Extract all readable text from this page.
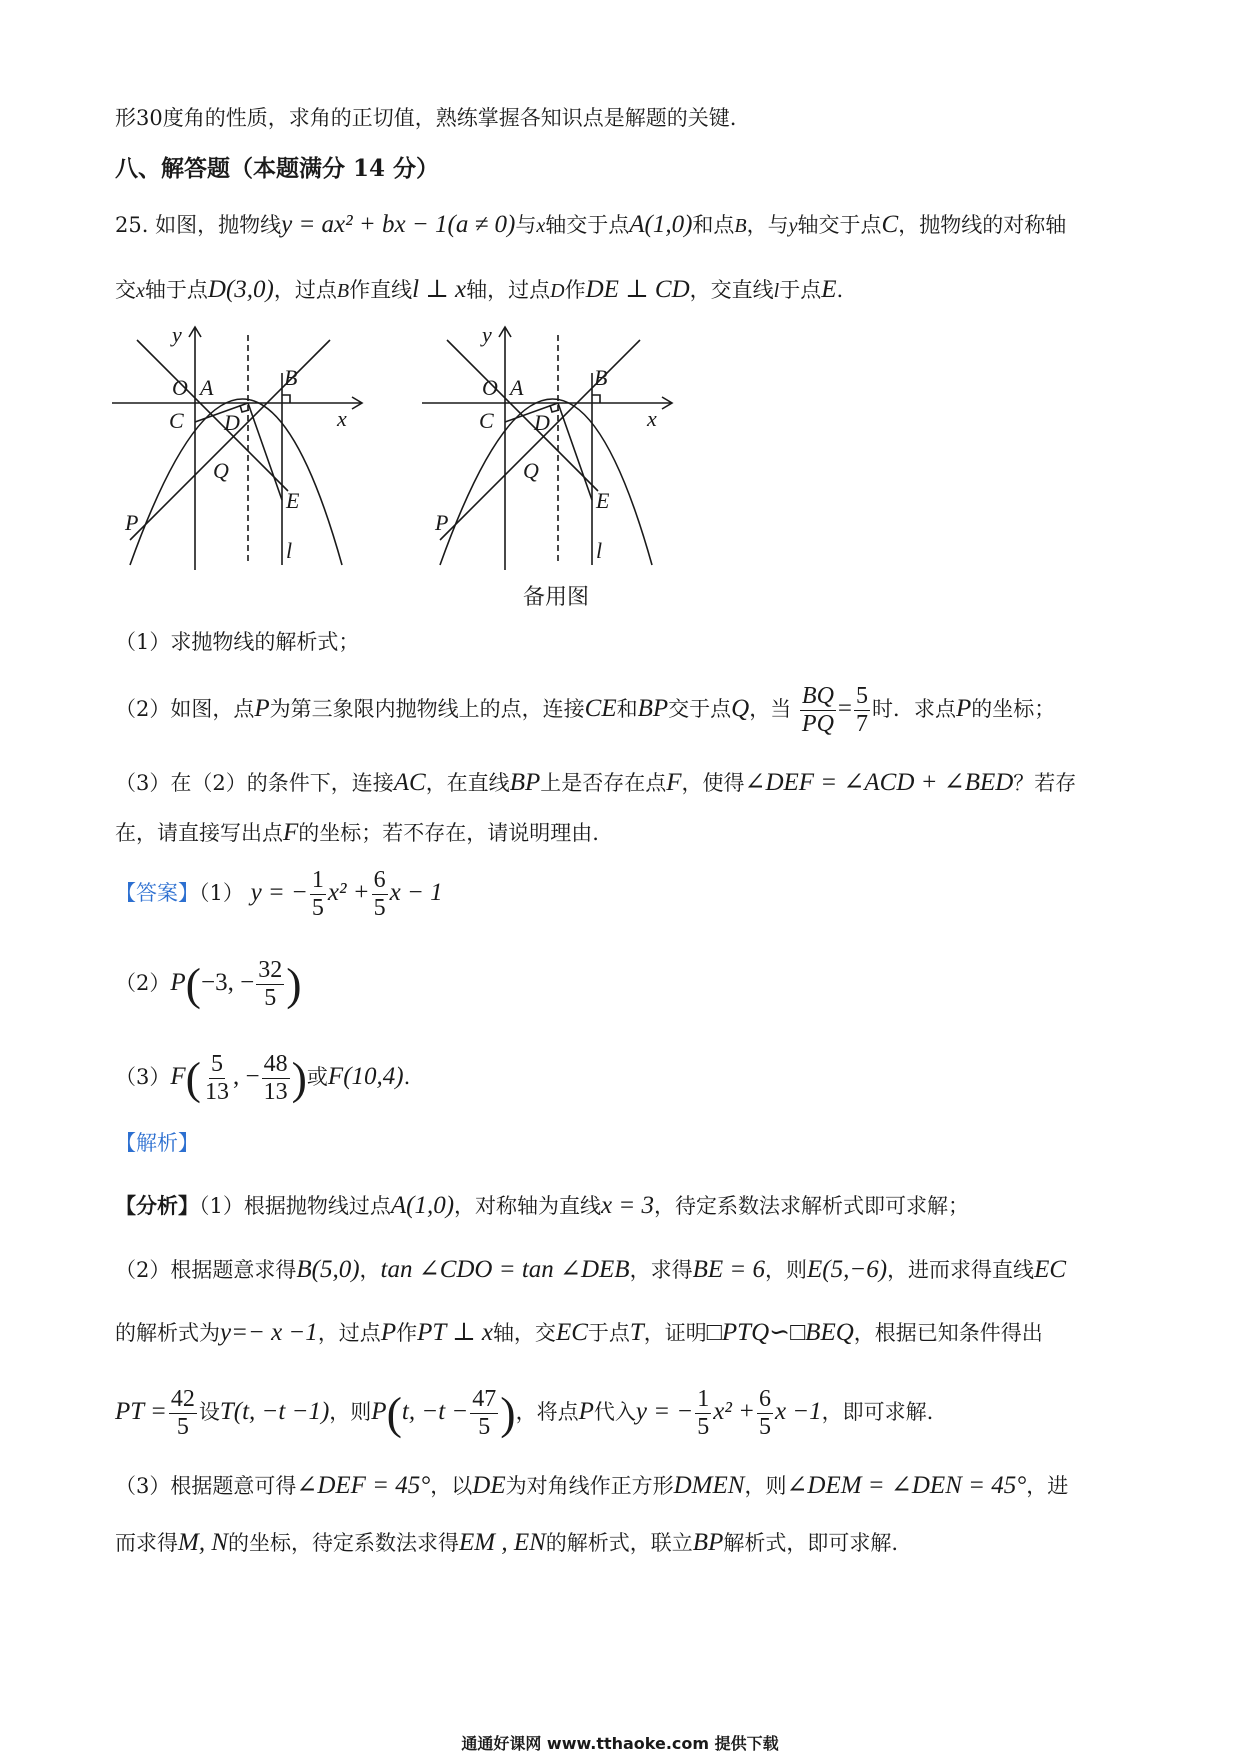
形30度角的性质，求角的正切值，熟练掌握各知识点是解题的关键.
八、解答题（本题满分 14 分）
25. 如图，抛物线y = ax² + bx − 1(a ≠ 0)与x轴交于点A(1,0)和点B，与y轴交于点C，抛物线的对称轴
交x轴于点D(3,0)，过点B作直线l ⊥ x轴，过点D作DE ⊥ CD，交直线l于点E.
y
x
O A	B
C D
Q
E
P
l
y
x
O A	B
C D
Q
E
P
l
备用图
（1）求抛物线的解析式；
（2）如图，点P为第三象限内抛物线上的点，连接CE和BP交于点Q，当 $\frac{BQ}{PQ} = \frac{5}{7}$ 时．求点P的坐标；
（3）在（2）的条件下，连接AC，在直线BP上是否存在点F，使得∠DEF = ∠ACD + ∠BED？若存
在，请直接写出点F的坐标；若不存在，请说明理由.
【答案】（1） y = − $\frac{1}{5} x^2 + \frac{6}{5}$ x − 1
（2）P(−3, − $\frac{32}{5}$ )
$(3)F( \frac{5}{13}$ , − $\frac{48}{13}$ )或F(10,4).
【解析】
【分析】（1）根据抛物线过点A(1,0)，对称轴为直线x = 3，待定系数法求解析式即可求解；
（2）根据题意求得B(5,0)，tan ∠CDO = tan ∠DEB，求得BE = 6，则E(5,−6)，进而求得直线EC
的解析式为y=− x −1，过点P作PT ⊥ x轴，交EC于点T，证明□PTQ∽□BEQ，根据已知条件得出
PT = $\frac{42}{5}$ 设T(t, −t −1)，则P(t, $-t - \frac{47}{5}$ )，将点P代入y = − $\frac{1}{5} x^2 + \frac{6}{5}$ x −1，即可求解.
（3）根据题意可得∠DEF = 45°，以DE为对角线作正方形DMEN，则∠DEM = ∠DEN = 45°，进
而求得M, N的坐标，待定系数法求得EM , EN的解析式，联立BP解析式，即可求解.
通通好课网 www.tthaoke.com 提供下载
